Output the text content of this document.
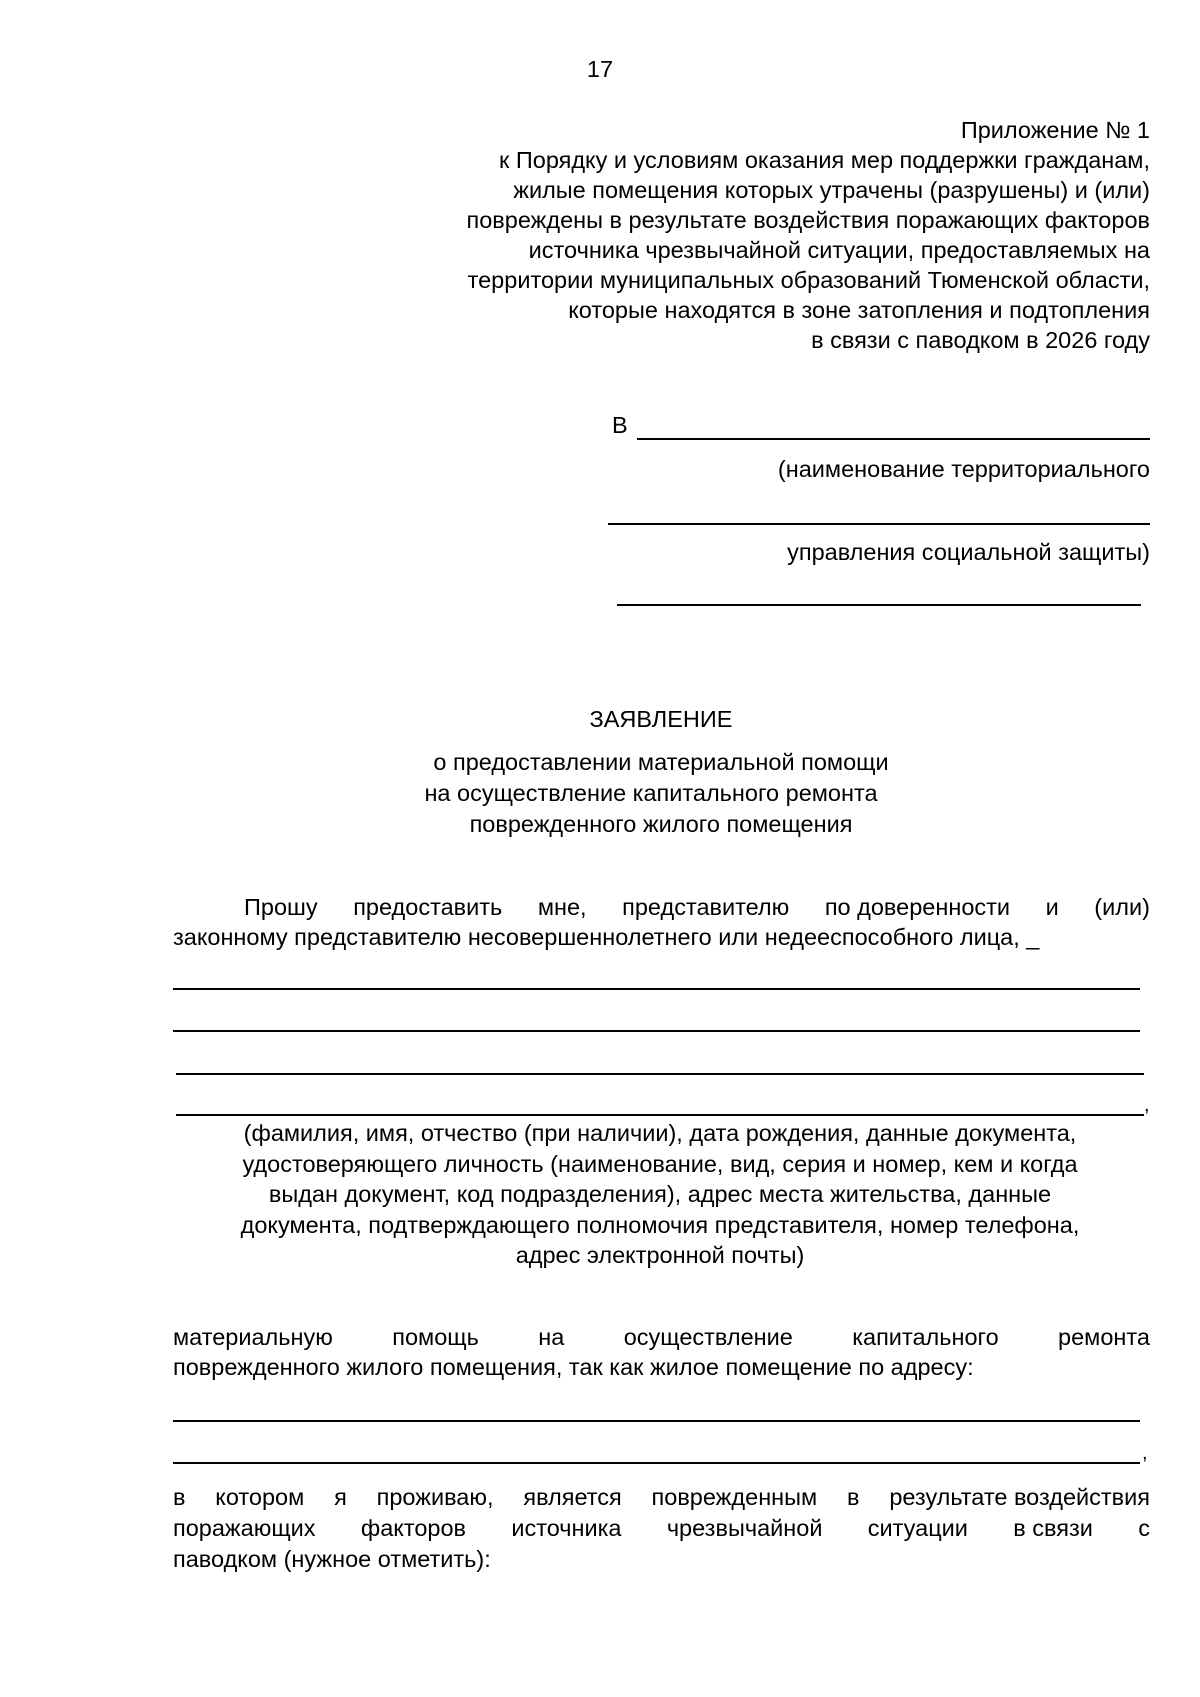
17
Приложение № 1
к Порядку и условиям оказания мер поддержки гражданам,
жилые помещения которых утрачены (разрушены) и (или)
повреждены в результате воздействия поражающих факторов
источника чрезвычайной ситуации, предоставляемых на
территории муниципальных образований Тюменской области,
которые находятся в зоне затопления и подтопления
в связи с паводком в 2026 году
В
(наименование территориального
управления социальной защиты)
ЗАЯВЛЕНИЕ
о предоставлении материальной помощи
на осуществление капитального ремонта
поврежденного жилого помещения
Прошу предоставить мне, представителю по доверенности и (или)
законному представителю несовершеннолетнего или недееспособного лица, _
,
(фамилия, имя, отчество (при наличии), дата рождения, данные документа,
удостоверяющего личность (наименование, вид, серия и номер, кем и когда
выдан документ, код подразделения), адрес места жительства, данные
документа, подтверждающего полномочия представителя, номер телефона,
адрес электронной почты)
материальную	помощь	на	осуществление	капитального	ремонта
поврежденного жилого помещения, так как жилое помещение по адресу:
,
в котором я проживаю, является поврежденным в результате воздействия
поражающих факторов источника чрезвычайной ситуации в связи с
паводком (нужное отметить):
